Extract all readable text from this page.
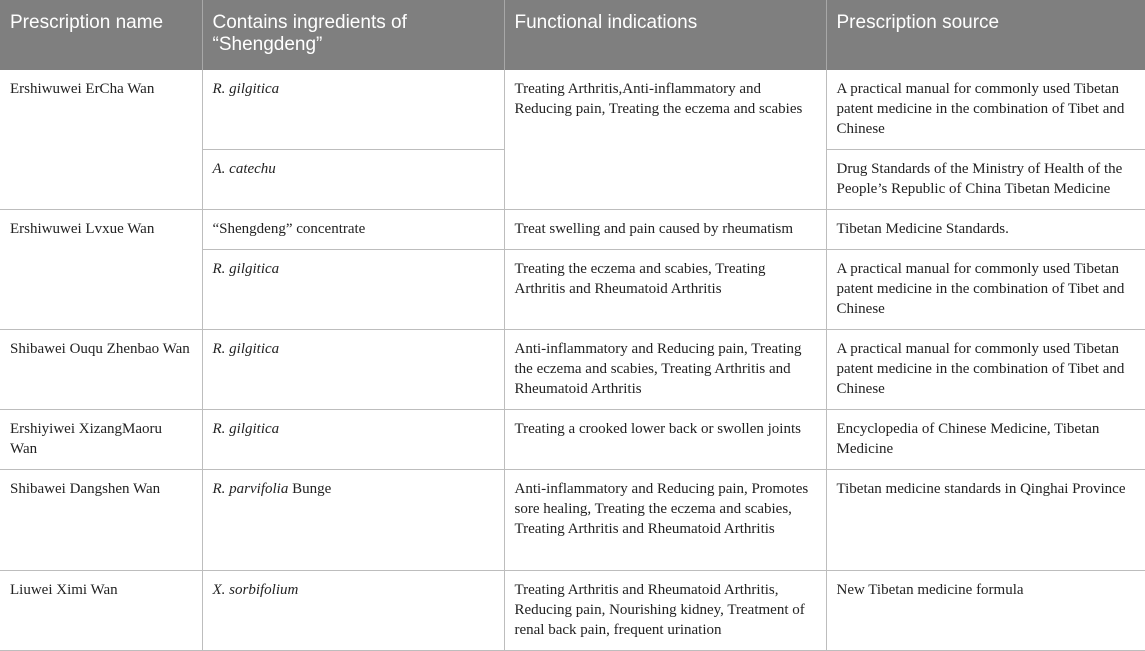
Prescription name	Contains ingredients of “Shengdeng”	Functional indications	Prescription source
Ershiwuwei ErCha Wan	R. gilgitica	Treating Arthritis,Anti-inflammatory and Reducing pain, Treating the eczema and scabies	A practical manual for commonly used Tibetan patent medicine in the combination of Tibet and Chinese
	A. catechu		Drug Standards of the Ministry of Health of the People’s Republic of China Tibetan Medicine
Ershiwuwei Lvxue Wan	“Shengdeng” concentrate	Treat swelling and pain caused by rheumatism	Tibetan Medicine Standards.
	R. gilgitica	Treating the eczema and scabies, Treating Arthritis and Rheumatoid Arthritis	A practical manual for commonly used Tibetan patent medicine in the combination of Tibet and Chinese
Shibawei Ouqu Zhenbao Wan	R. gilgitica	Anti-inflammatory and Reducing pain, Treating the eczema and scabies, Treating Arthritis and Rheumatoid Arthritis	A practical manual for commonly used Tibetan patent medicine in the combination of Tibet and Chinese
Ershiyiwei XizangMaoru Wan	R. gilgitica	Treating a crooked lower back or swollen joints	Encyclopedia of Chinese Medicine, Tibetan Medicine
Shibawei Dangshen Wan	R. parvifolia Bunge	Anti-inflammatory and Reducing pain, Promotes sore healing, Treating the eczema and scabies, Treating Arthritis and Rheumatoid Arthritis	Tibetan medicine standards in Qinghai Province
Liuwei Ximi Wan	X. sorbifolium	Treating Arthritis and Rheumatoid Arthritis, Reducing pain, Nourishing kidney, Treatment of renal back pain, frequent urination	New Tibetan medicine formula
